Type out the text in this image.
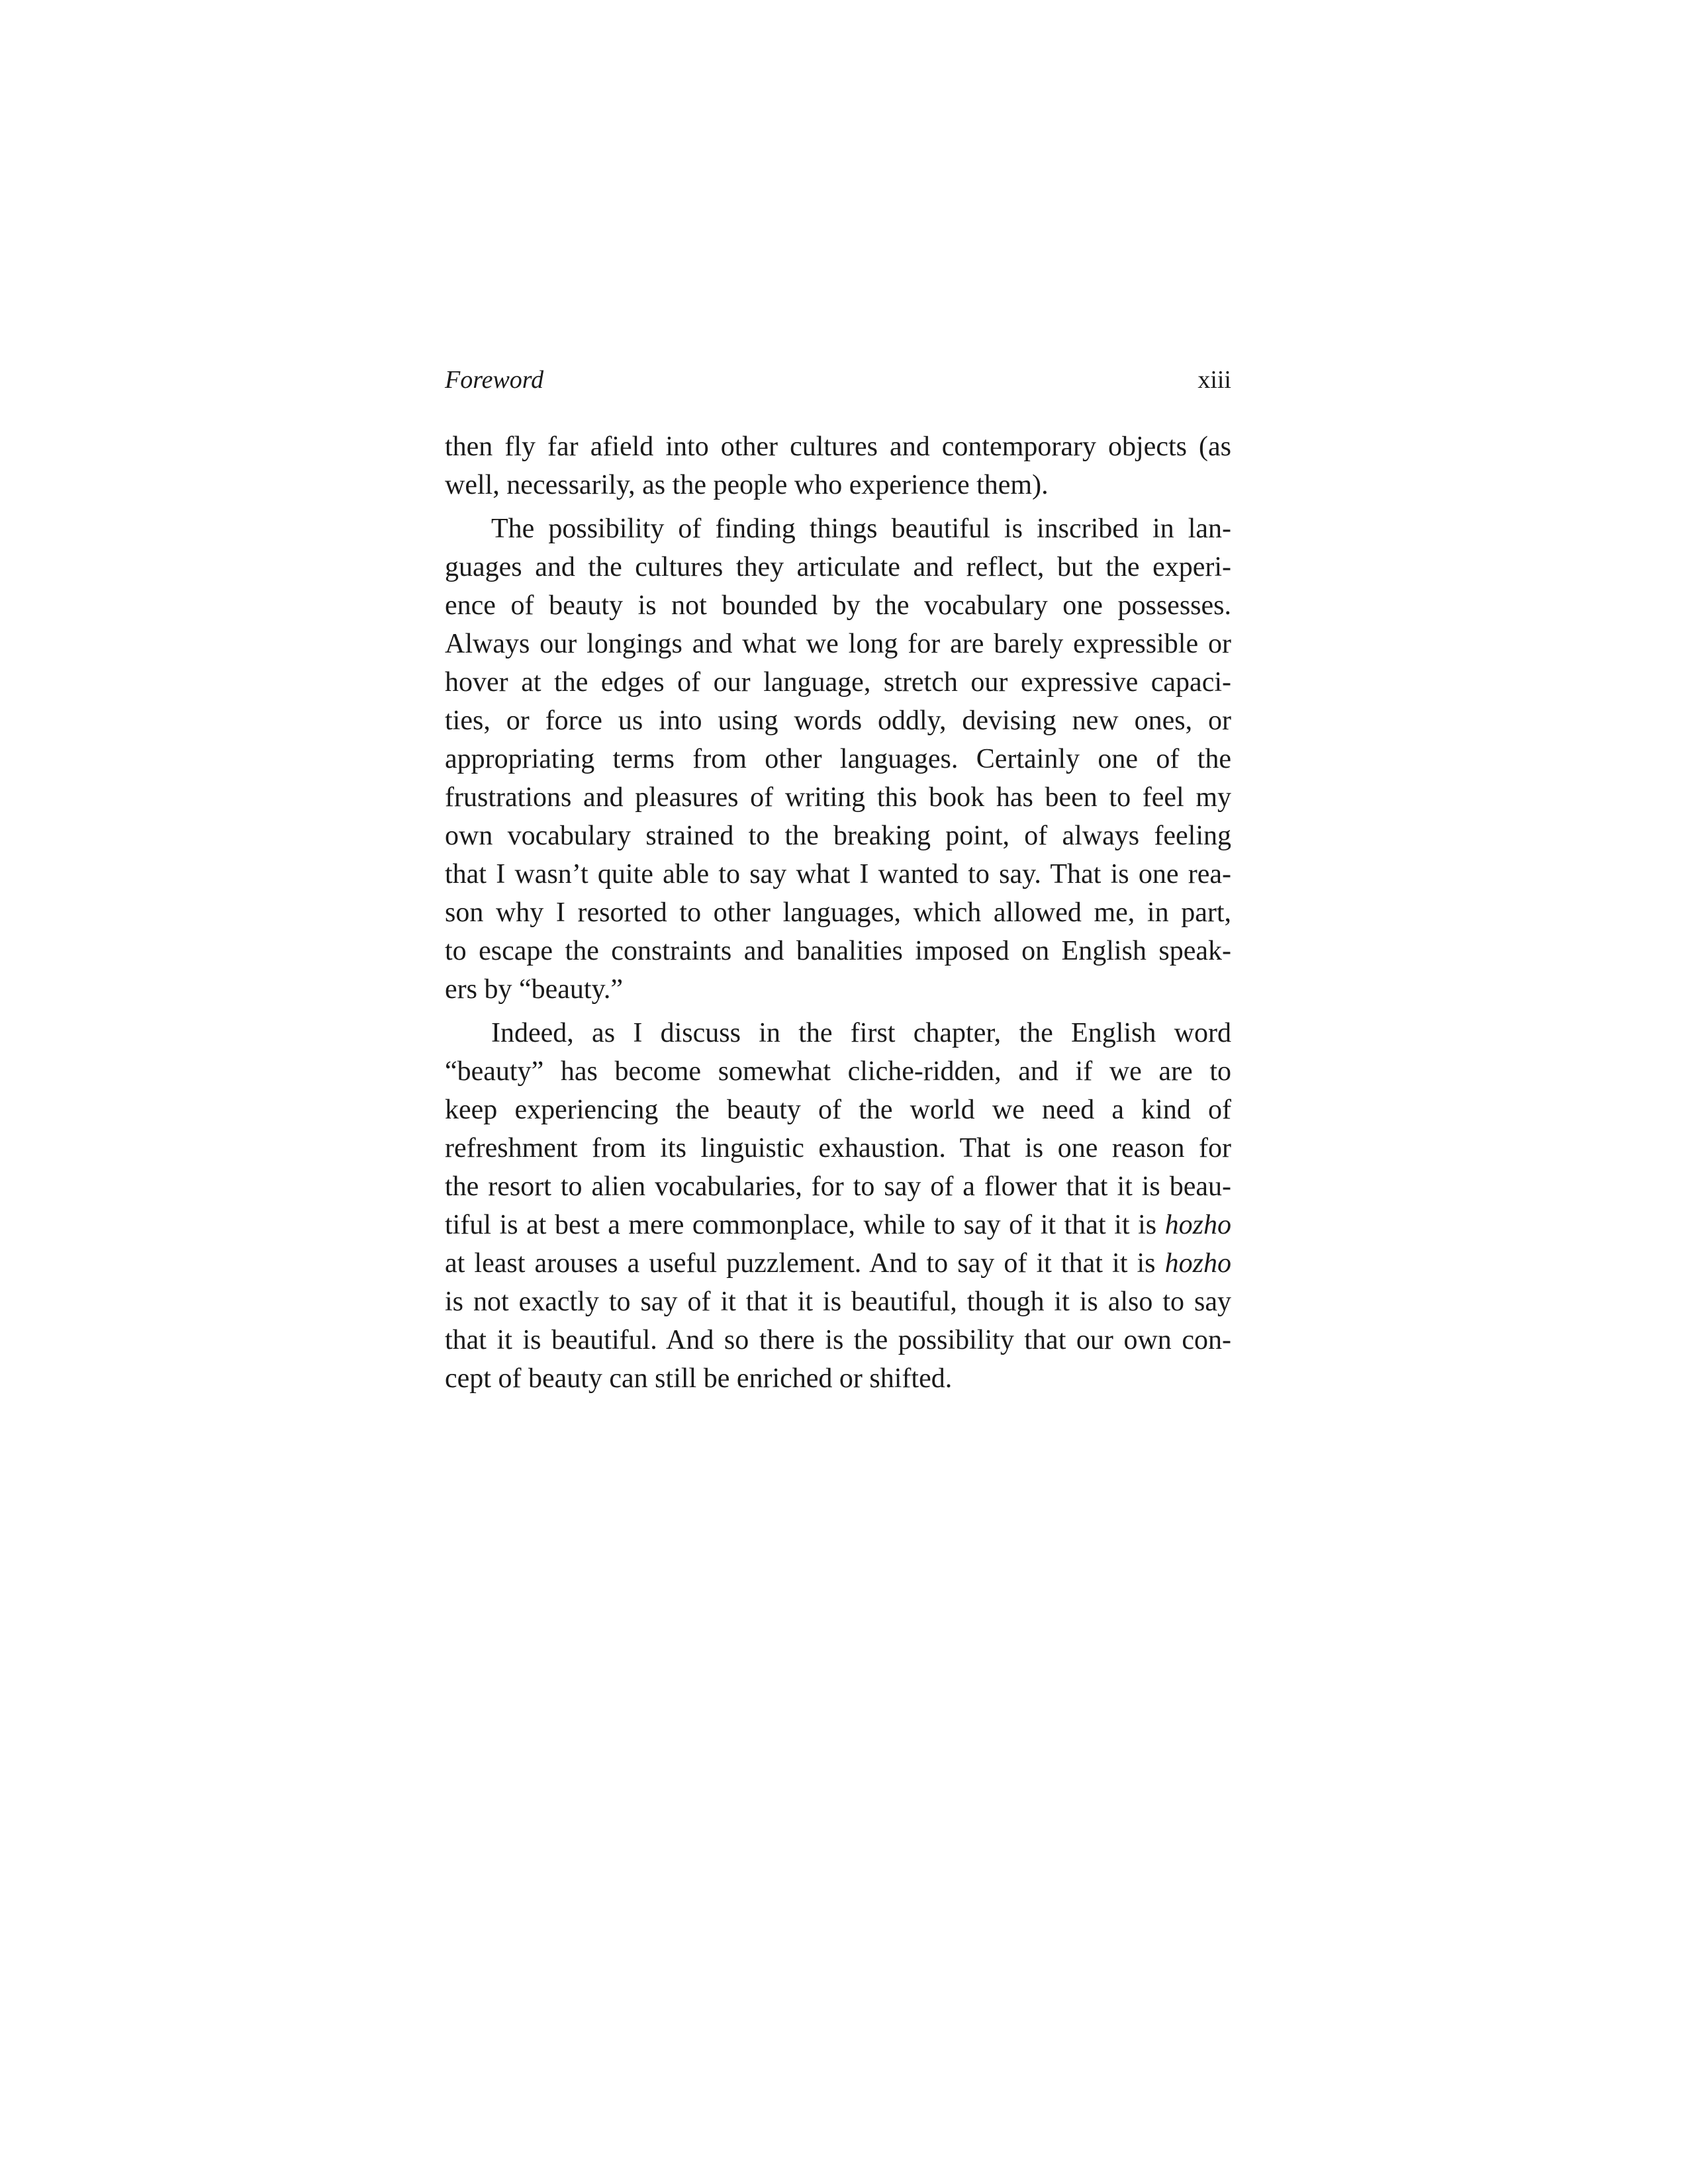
Foreword	xiii
then fly far afield into other cultures and contemporary objects (as
well, necessarily, as the people who experience them).
The possibility of finding things beautiful is inscribed in lan-
guages and the cultures they articulate and reflect, but the experi-
ence of beauty is not bounded by the vocabulary one possesses.
Always our longings and what we long for are barely expressible or
hover at the edges of our language, stretch our expressive capaci-
ties, or force us into using words oddly, devising new ones, or
appropriating terms from other languages. Certainly one of the
frustrations and pleasures of writing this book has been to feel my
own vocabulary strained to the breaking point, of always feeling
that I wasn’t quite able to say what I wanted to say. That is one rea-
son why I resorted to other languages, which allowed me, in part,
to escape the constraints and banalities imposed on English speak-
ers by “beauty.”
Indeed, as I discuss in the first chapter, the English word
“beauty” has become somewhat cliche-ridden, and if we are to
keep experiencing the beauty of the world we need a kind of
refreshment from its linguistic exhaustion. That is one reason for
the resort to alien vocabularies, for to say of a flower that it is beau-
tiful is at best a mere commonplace, while to say of it that it is hozho
at least arouses a useful puzzlement. And to say of it that it is hozho
is not exactly to say of it that it is beautiful, though it is also to say
that it is beautiful. And so there is the possibility that our own con-
cept of beauty can still be enriched or shifted.
